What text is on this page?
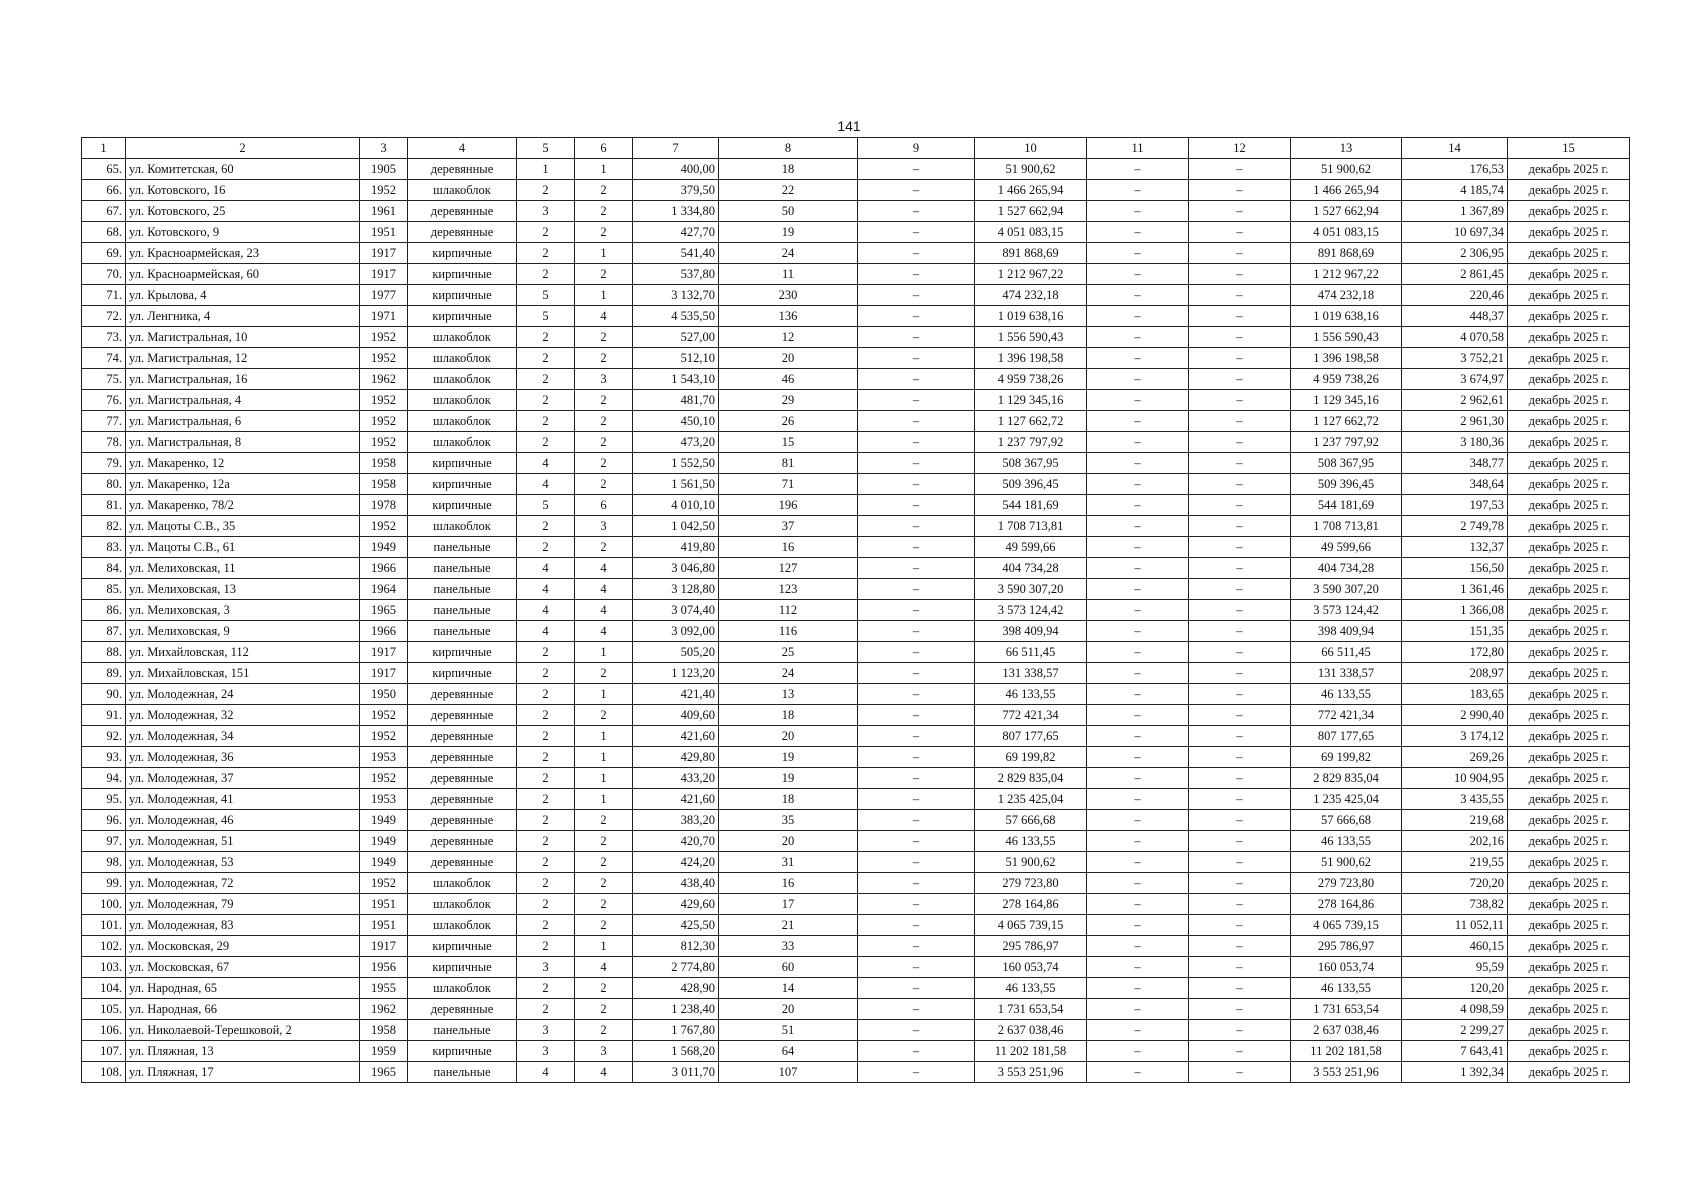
141
1	2	3	4	5	6	7	8	9	10	11	12	13	14	15
65.	ул. Комитетская, 60	1905	деревянные	1	1	400,00	18	–	51 900,62	–	–	51 900,62	176,53	декабрь 2025 г.
66.	ул. Котовского, 16	1952	шлакоблок	2	2	379,50	22	–	1 466 265,94	–	–	1 466 265,94	4 185,74	декабрь 2025 г.
67.	ул. Котовского, 25	1961	деревянные	3	2	1 334,80	50	–	1 527 662,94	–	–	1 527 662,94	1 367,89	декабрь 2025 г.
68.	ул. Котовского, 9	1951	деревянные	2	2	427,70	19	–	4 051 083,15	–	–	4 051 083,15	10 697,34	декабрь 2025 г.
69.	ул. Красноармейская, 23	1917	кирпичные	2	1	541,40	24	–	891 868,69	–	–	891 868,69	2 306,95	декабрь 2025 г.
70.	ул. Красноармейская, 60	1917	кирпичные	2	2	537,80	11	–	1 212 967,22	–	–	1 212 967,22	2 861,45	декабрь 2025 г.
71.	ул. Крылова, 4	1977	кирпичные	5	1	3 132,70	230	–	474 232,18	–	–	474 232,18	220,46	декабрь 2025 г.
72.	ул. Ленгника, 4	1971	кирпичные	5	4	4 535,50	136	–	1 019 638,16	–	–	1 019 638,16	448,37	декабрь 2025 г.
73.	ул. Магистральная, 10	1952	шлакоблок	2	2	527,00	12	–	1 556 590,43	–	–	1 556 590,43	4 070,58	декабрь 2025 г.
74.	ул. Магистральная, 12	1952	шлакоблок	2	2	512,10	20	–	1 396 198,58	–	–	1 396 198,58	3 752,21	декабрь 2025 г.
75.	ул. Магистральная, 16	1962	шлакоблок	2	3	1 543,10	46	–	4 959 738,26	–	–	4 959 738,26	3 674,97	декабрь 2025 г.
76.	ул. Магистральная, 4	1952	шлакоблок	2	2	481,70	29	–	1 129 345,16	–	–	1 129 345,16	2 962,61	декабрь 2025 г.
77.	ул. Магистральная, 6	1952	шлакоблок	2	2	450,10	26	–	1 127 662,72	–	–	1 127 662,72	2 961,30	декабрь 2025 г.
78.	ул. Магистральная, 8	1952	шлакоблок	2	2	473,20	15	–	1 237 797,92	–	–	1 237 797,92	3 180,36	декабрь 2025 г.
79.	ул. Макаренко, 12	1958	кирпичные	4	2	1 552,50	81	–	508 367,95	–	–	508 367,95	348,77	декабрь 2025 г.
80.	ул. Макаренко, 12а	1958	кирпичные	4	2	1 561,50	71	–	509 396,45	–	–	509 396,45	348,64	декабрь 2025 г.
81.	ул. Макаренко, 78/2	1978	кирпичные	5	6	4 010,10	196	–	544 181,69	–	–	544 181,69	197,53	декабрь 2025 г.
82.	ул. Мацоты С.В., 35	1952	шлакоблок	2	3	1 042,50	37	–	1 708 713,81	–	–	1 708 713,81	2 749,78	декабрь 2025 г.
83.	ул. Мацоты С.В., 61	1949	панельные	2	2	419,80	16	–	49 599,66	–	–	49 599,66	132,37	декабрь 2025 г.
84.	ул. Мелиховская, 11	1966	панельные	4	4	3 046,80	127	–	404 734,28	–	–	404 734,28	156,50	декабрь 2025 г.
85.	ул. Мелиховская, 13	1964	панельные	4	4	3 128,80	123	–	3 590 307,20	–	–	3 590 307,20	1 361,46	декабрь 2025 г.
86.	ул. Мелиховская, 3	1965	панельные	4	4	3 074,40	112	–	3 573 124,42	–	–	3 573 124,42	1 366,08	декабрь 2025 г.
87.	ул. Мелиховская, 9	1966	панельные	4	4	3 092,00	116	–	398 409,94	–	–	398 409,94	151,35	декабрь 2025 г.
88.	ул. Михайловская, 112	1917	кирпичные	2	1	505,20	25	–	66 511,45	–	–	66 511,45	172,80	декабрь 2025 г.
89.	ул. Михайловская, 151	1917	кирпичные	2	2	1 123,20	24	–	131 338,57	–	–	131 338,57	208,97	декабрь 2025 г.
90.	ул. Молодежная, 24	1950	деревянные	2	1	421,40	13	–	46 133,55	–	–	46 133,55	183,65	декабрь 2025 г.
91.	ул. Молодежная, 32	1952	деревянные	2	2	409,60	18	–	772 421,34	–	–	772 421,34	2 990,40	декабрь 2025 г.
92.	ул. Молодежная, 34	1952	деревянные	2	1	421,60	20	–	807 177,65	–	–	807 177,65	3 174,12	декабрь 2025 г.
93.	ул. Молодежная, 36	1953	деревянные	2	1	429,80	19	–	69 199,82	–	–	69 199,82	269,26	декабрь 2025 г.
94.	ул. Молодежная, 37	1952	деревянные	2	1	433,20	19	–	2 829 835,04	–	–	2 829 835,04	10 904,95	декабрь 2025 г.
95.	ул. Молодежная, 41	1953	деревянные	2	1	421,60	18	–	1 235 425,04	–	–	1 235 425,04	3 435,55	декабрь 2025 г.
96.	ул. Молодежная, 46	1949	деревянные	2	2	383,20	35	–	57 666,68	–	–	57 666,68	219,68	декабрь 2025 г.
97.	ул. Молодежная, 51	1949	деревянные	2	2	420,70	20	–	46 133,55	–	–	46 133,55	202,16	декабрь 2025 г.
98.	ул. Молодежная, 53	1949	деревянные	2	2	424,20	31	–	51 900,62	–	–	51 900,62	219,55	декабрь 2025 г.
99.	ул. Молодежная, 72	1952	шлакоблок	2	2	438,40	16	–	279 723,80	–	–	279 723,80	720,20	декабрь 2025 г.
100.	ул. Молодежная, 79	1951	шлакоблок	2	2	429,60	17	–	278 164,86	–	–	278 164,86	738,82	декабрь 2025 г.
101.	ул. Молодежная, 83	1951	шлакоблок	2	2	425,50	21	–	4 065 739,15	–	–	4 065 739,15	11 052,11	декабрь 2025 г.
102.	ул. Московская, 29	1917	кирпичные	2	1	812,30	33	–	295 786,97	–	–	295 786,97	460,15	декабрь 2025 г.
103.	ул. Московская, 67	1956	кирпичные	3	4	2 774,80	60	–	160 053,74	–	–	160 053,74	95,59	декабрь 2025 г.
104.	ул. Народная, 65	1955	шлакоблок	2	2	428,90	14	–	46 133,55	–	–	46 133,55	120,20	декабрь 2025 г.
105.	ул. Народная, 66	1962	деревянные	2	2	1 238,40	20	–	1 731 653,54	–	–	1 731 653,54	4 098,59	декабрь 2025 г.
106.	ул. Николаевой-Терешковой, 2	1958	панельные	3	2	1 767,80	51	–	2 637 038,46	–	–	2 637 038,46	2 299,27	декабрь 2025 г.
107.	ул. Пляжная, 13	1959	кирпичные	3	3	1 568,20	64	–	11 202 181,58	–	–	11 202 181,58	7 643,41	декабрь 2025 г.
108.	ул. Пляжная, 17	1965	панельные	4	4	3 011,70	107	–	3 553 251,96	–	–	3 553 251,96	1 392,34	декабрь 2025 г.
